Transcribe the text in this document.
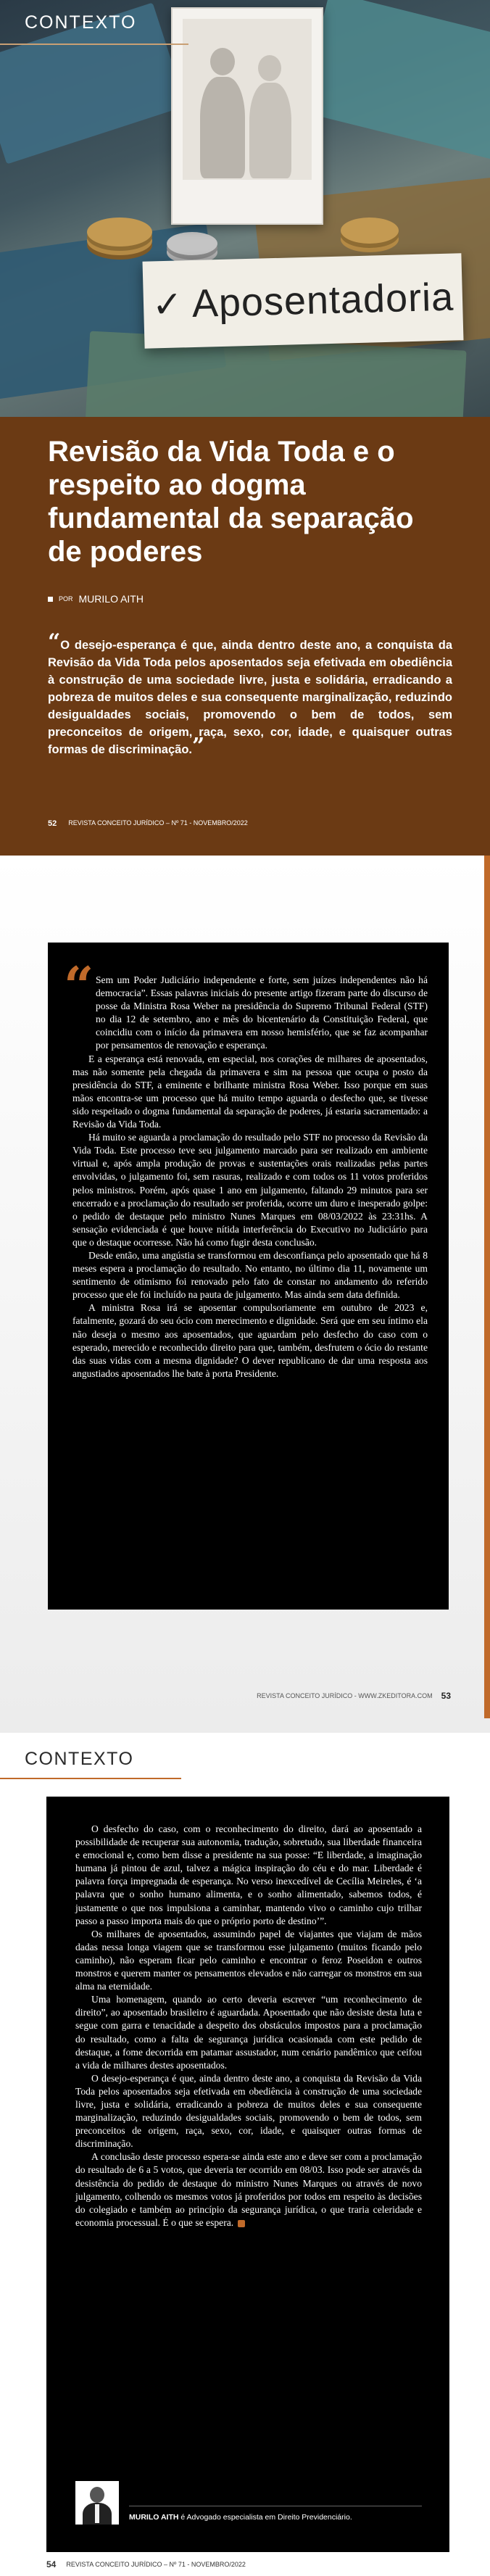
✓ Aposentadoria
CONTEXTO
Revisão da Vida Toda e o respeito ao dogma fundamental da separação de poderes
POR MURILO AITH
“O desejo-esperança é que, ainda dentro deste ano, a conquista da Revisão da Vida Toda pelos aposentados seja efetivada em obediência à construção de uma sociedade livre, justa e solidária, erradicando a pobreza de muitos deles e sua consequente marginalização, reduzindo desigualdades sociais, promovendo o bem de todos, sem preconceitos de origem, raça, sexo, cor, idade, e quaisquer outras formas de discriminação.”
52 REVISTA CONCEITO JURÍDICO – Nº 71 - NOVEMBRO/2022
“ Sem um Poder Judiciário independente e forte, sem juízes independentes não há democracia”. Essas palavras iniciais do presente artigo fizeram parte do discurso de posse da Ministra Rosa Weber na presidência do Supremo Tribunal Federal (STF) no dia 12 de setembro, ano e mês do bicentenário da Constituição Federal, que coincidiu com o início da primavera em nosso hemisfério, que se faz acompanhar por pensamentos de renovação e esperança.

E a esperança está renovada, em especial, nos corações de milhares de aposentados, mas não somente pela chegada da primavera e sim na pessoa que ocupa o posto da presidência do STF, a eminente e brilhante ministra Rosa Weber. Isso porque em suas mãos encontra-se um processo que há muito tempo aguarda o desfecho que, se tivesse sido respeitado o dogma fundamental da separação de poderes, já estaria sacramentado: a Revisão da Vida Toda.

Há muito se aguarda a proclamação do resultado pelo STF no processo da Revisão da Vida Toda. Este processo teve seu julgamento marcado para ser realizado em ambiente virtual e, após ampla produção de provas e sustentações orais realizadas pelas partes envolvidas, o julgamento foi, sem rasuras, realizado e com todos os 11 votos proferidos pelos ministros. Porém, após quase 1 ano em julgamento, faltando 29 minutos para ser encerrado e a proclamação do resultado ser proferida, ocorre um duro e inesperado golpe: o pedido de destaque pelo ministro Nunes Marques em 08/03/2022 às 23:31hs. A sensação evidenciada é que houve nítida interferência do Executivo no Judiciário para que o destaque ocorresse. Não há como fugir desta conclusão.

Desde então, uma angústia se transformou em desconfiança pelo aposentado que há 8 meses espera a proclamação do resultado. No entanto, no último dia 11, novamente um sentimento de otimismo foi renovado pelo fato de constar no andamento do referido processo que ele foi incluído na pauta de julgamento. Mas ainda sem data definida.

A ministra Rosa irá se aposentar compulsoriamente em outubro de 2023 e, fatalmente, gozará do seu ócio com merecimento e dignidade. Será que em seu íntimo ela não deseja o mesmo aos aposentados, que aguardam pelo desfecho do caso com o esperado, merecido e reconhecido direito para que, também, desfrutem o ócio do restante das suas vidas com a mesma dignidade? O dever republicano de dar uma resposta aos angustiados aposentados lhe bate à porta Presidente.

REVISTA CONCEITO JURÍDICO - WWW.ZKEDITORA.COM 53
CONTEXTO

O desfecho do caso, com o reconhecimento do direito, dará ao aposentado a possibilidade de recuperar sua autonomia, tradução, sobretudo, sua liberdade financeira e emocional e, como bem disse a presidente na sua posse: “E liberdade, a imaginação humana já pintou de azul, talvez a mágica inspiração do céu e do mar. Liberdade é palavra força impregnada de esperança. No verso inexcedível de Cecília Meireles, é ‘a palavra que o sonho humano alimenta, e o sonho alimentado, sabemos todos, é justamente o que nos impulsiona a caminhar, mantendo vivo o caminho cujo trilhar passo a passo importa mais do que o próprio porto de destino’”.

Os milhares de aposentados, assumindo papel de viajantes que viajam de mãos dadas nessa longa viagem que se transformou esse julgamento (muitos ficando pelo caminho), não esperam ficar pelo caminho e encontrar o feroz Poseidon e outros monstros e querem manter os pensamentos elevados e não carregar os monstros em sua alma na eternidade.

Uma homenagem, quando ao certo deveria escrever “um reconhecimento de direito”, ao aposentado brasileiro é aguardada. Aposentado que não desiste desta luta e segue com garra e tenacidade a despeito dos obstáculos impostos para a proclamação do resultado, como a falta de segurança jurídica ocasionada com este pedido de destaque, a fome decorrida em patamar assustador, num cenário pandêmico que ceifou a vida de milhares destes aposentados.

O desejo-esperança é que, ainda dentro deste ano, a conquista da Revisão da Vida Toda pelos aposentados seja efetivada em obediência à construção de uma sociedade livre, justa e solidária, erradicando a pobreza de muitos deles e sua consequente marginalização, reduzindo desigualdades sociais, promovendo o bem de todos, sem preconceitos de origem, raça, sexo, cor, idade, e quaisquer outras formas de discriminação.

A conclusão deste processo espera-se ainda este ano e deve ser com a proclamação do resultado de 6 a 5 votos, que deveria ter ocorrido em 08/03. Isso pode ser através da desistência do pedido de destaque do ministro Nunes Marques ou através de novo julgamento, colhendo os mesmos votos já proferidos por todos em respeito às decisões do colegiado e também ao princípio da segurança jurídica, o que traria celeridade e economia processual. É o que se espera.

MURILO AITH é Advogado especialista em Direito Previdenciário.
54 REVISTA CONCEITO JURÍDICO – Nº 71 - NOVEMBRO/2022
